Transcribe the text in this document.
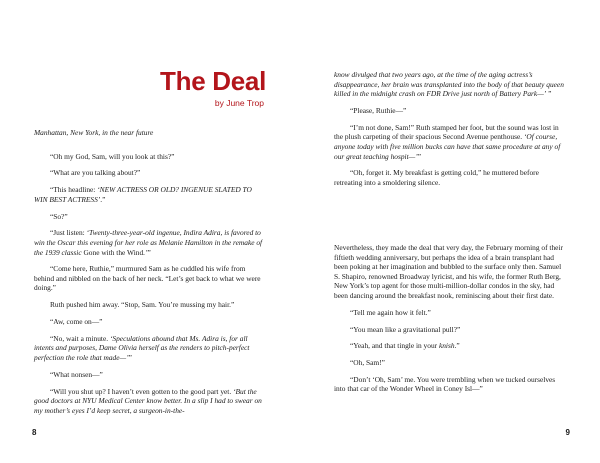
The Deal
by June Trop

Manhattan, New York, in the near future

“Oh my God, Sam, will you look at this?”

“What are you talking about?”

“This headline: ‘NEW ACTRESS OR OLD? INGENUE SLATED TO WIN BEST ACTRESS’.”

“So?”

“Just listen: ‘Twenty-three-year-old ingenue, Indira Adira, is favored to win the Oscar this evening for her role as Melanie Hamilton in the remake of the 1939 classic Gone with the Wind.’”

“Come here, Ruthie,” murmured Sam as he cuddled his wife from behind and nibbled on the back of her neck. “Let’s get back to what we were doing.”

Ruth pushed him away. “Stop, Sam. You’re mussing my hair.”

“Aw, come on—”

“No, wait a minute. ‘Speculations abound that Ms. Adira is, for all intents and purposes, Dame Olivia herself as the renders to pitch-perfect perfection the role that made—’”

“What nonsen—”

“Will you shut up? I haven’t even gotten to the good part yet. ‘But the good doctors at NYU Medical Center know better. In a slip I had to swear on my mother’s eyes I’d keep secret, a surgeon-in-the-

8

know divulged that two years ago, at the time of the aging actress’s disappearance, her brain was transplanted into the body of that beauty queen killed in the midnight crash on FDR Drive just north of Battery Park—’ ”

“Please, Ruthie—”

“I’m not done, Sam!” Ruth stamped her foot, but the sound was lost in the plush carpeting of their spacious Second Avenue penthouse. ‘Of course, anyone today with five million bucks can have that same procedure at any of our great teaching hospit—’”

“Oh, forget it. My breakfast is getting cold,” he muttered before retreating into a smoldering silence.

Nevertheless, they made the deal that very day, the February morning of their fiftieth wedding anniversary, but perhaps the idea of a brain transplant had been poking at her imagination and bubbled to the surface only then. Samuel S. Shapiro, renowned Broadway lyricist, and his wife, the former Ruth Berg, New York’s top agent for those multi-million-dollar condos in the sky, had been dancing around the breakfast nook, reminiscing about their first date.

“Tell me again how it felt.”

“You mean like a gravitational pull?”

“Yeah, and that tingle in your knish.”

“Oh, Sam!”

“Don’t ‘Oh, Sam’ me. You were trembling when we tucked ourselves into that car of the Wonder Wheel in Coney Isl—”

9
